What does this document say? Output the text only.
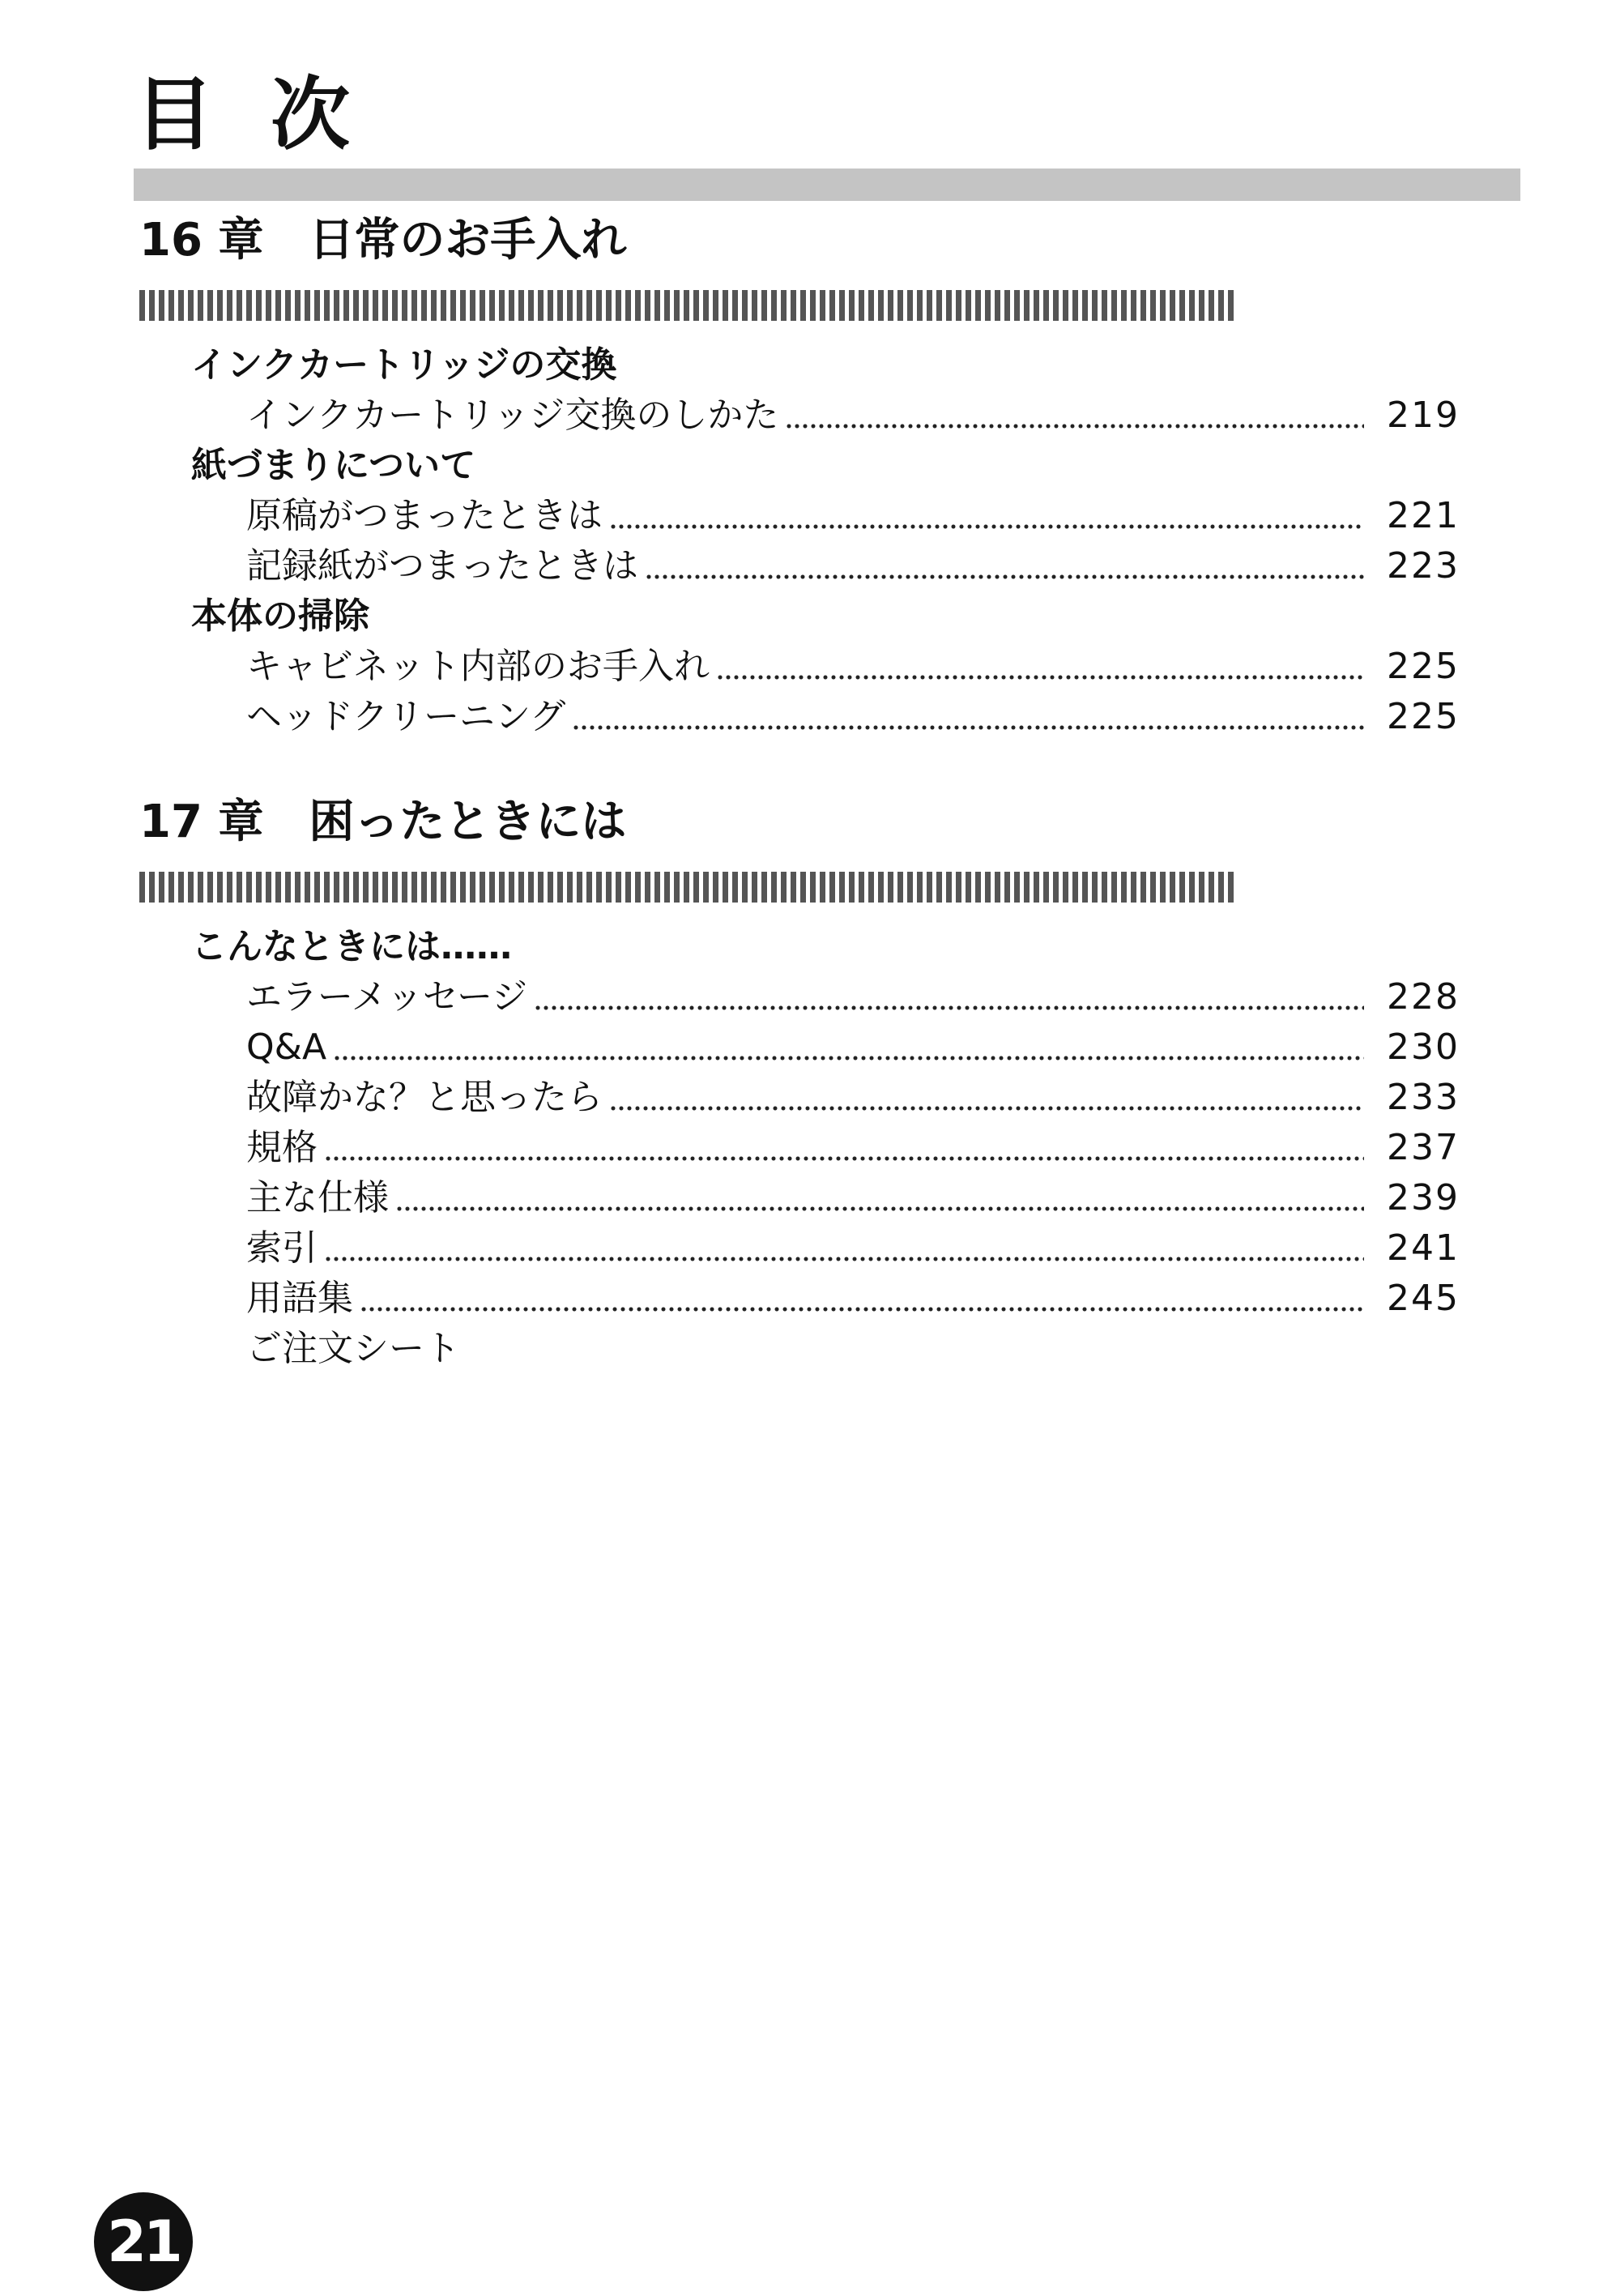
目次
16 章　日常のお手入れ
インクカートリッジの交換
インクカートリッジ交換のしかた	219
紙づまりについて
原稿がつまったときは	221
記録紙がつまったときは	223
本体の掃除
キャビネット内部のお手入れ	225
ヘッドクリーニング	225
17 章　困ったときには
こんなときには……
エラーメッセージ	228
Q&A	230
故障かな？と思ったら	233
規格	237
主な仕様	239
索引	241
用語集	245
ご注文シート
21
